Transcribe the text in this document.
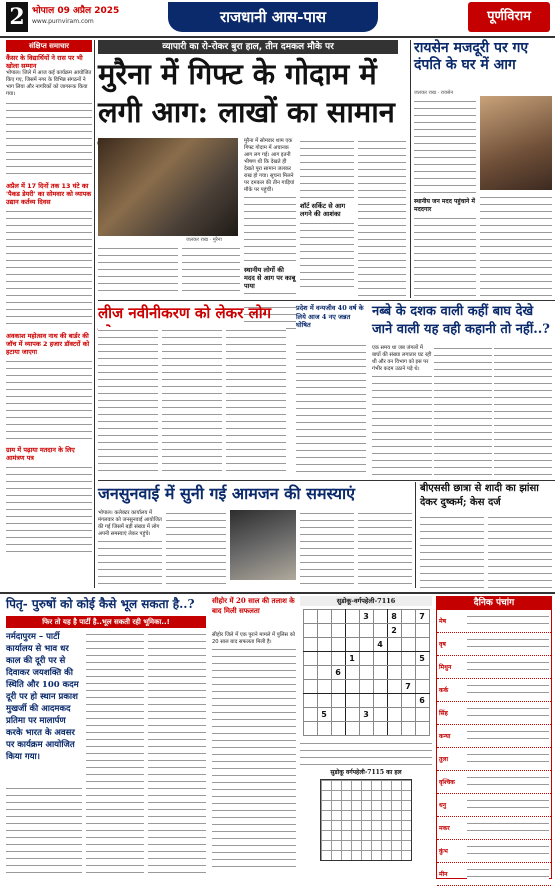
2 भोपाल 09 अप्रैल 2025
www.purnviram.com	राजधानी आस-पास	पूर्णविराम
संक्षिप्त समाचार
कैंसर के विद्यार्थियों ने रास पर भी खोला सम्मान
भोपाल। जिले में आज कई कार्यक्रम आयोजित किए गए, जिसमें नगर के विभिन्न संगठनों ने भाग लिया और नागरिकों को जागरूक किया गया।
अप्रैल में 17 दिनों तक 13 घंटे का 'पैकड डेयरी' का सोमवार को व्यापक उद्यान कर्तव्य दिवस
अवकाश महोत्सव नाथ की बार्डर की जॉच में व्यापक 2 हजार डॉक्टरों को हटाया जाएगा
ग्राम में पढ़ाया मतदान के लिए आमंत्रण पत्र
व्यापारी का रो-रोकर बुरा हाल, तीन दमकल मौके पर
मुरैना में गिफ्ट के गोदाम में लगी आग: लाखों का सामान
जलकर राख · मुरैना
मुरैना में सोमवार शाम एक गिफ्ट गोदाम में अचानक आग लग गई। आग इतनी भीषण थी कि देखते ही देखते पूरा सामान जलकर राख हो गया। सूचना मिलने पर दमकल की तीन गाड़ियां मौके पर पहुंचीं।
स्थानीय लोगों की मदद से आग पर काबू पाया
शॉर्ट सर्किट से आग लगने की आशंका
रायसेन मजदूरी पर गए दंपति के घर में आग
जलकर राख · रायसेन
स्थानीय जन मदद पहुंचाने में मददगार
लीज नवीनीकरण को लेकर लोग	प्रदेश में वन्यजीव 40 वर्ष के लिये आज 4 नए जन्नत घोषित
नब्बे के दशक वाली कहीं बाघ देखे जाने वाली यह वही कहानी तो नहीं..?
एक समय था जब जंगलों में बाघों की संख्या लगातार घट रही थी और वन विभाग को इस पर गंभीर कदम उठाने पड़े थे।
जनसुनवाई में सुनी गई आमजन की समस्याएं
भोपाल। कलेक्टर कार्यालय में मंगलवार को जनसुनवाई आयोजित की गई जिसमें बड़ी संख्या में लोग अपनी समस्याएं लेकर पहुंचे।
बीएससी छात्रा से शादी का झांसा देकर दुष्कर्म; केस दर्ज
पितृ- पुरुषों को कोई कैसे भूल सकता है..?
फिर तो यह है पार्टी है..भूल सकती रही भूमिका..!
नर्मदापुरम – पार्टी कार्यालय से भाव धर काल की दूरी पर से दिवाकर जयशक्ति की स्थिति और 100 कदम दूरी पर हो स्थान प्रकाश मुखर्जी की आदमकद प्रतिमा पर मालार्पण करके भारत के अवसर पर कार्यक्रम आयोजित किया गया।
सीहोर में 20 साल की तलाश के बाद मिली सफलता
सीहोर जिले में एक पुराने मामले में पुलिस को 20 साल बाद सफलता मिली है।
सुडोकू-वर्गपहेली-7116
				3		8		7
						2		
					4			
			1					5
		6						
							7	
								6
	5			3				

सुडोकू वर्गपहेली-7115 का हल
दैनिक पंचांग
मेष
वृष
मिथुन
कर्क
सिंह
कन्या
तुला
वृश्चिक
धनु
मकर
कुंभ
मीन
